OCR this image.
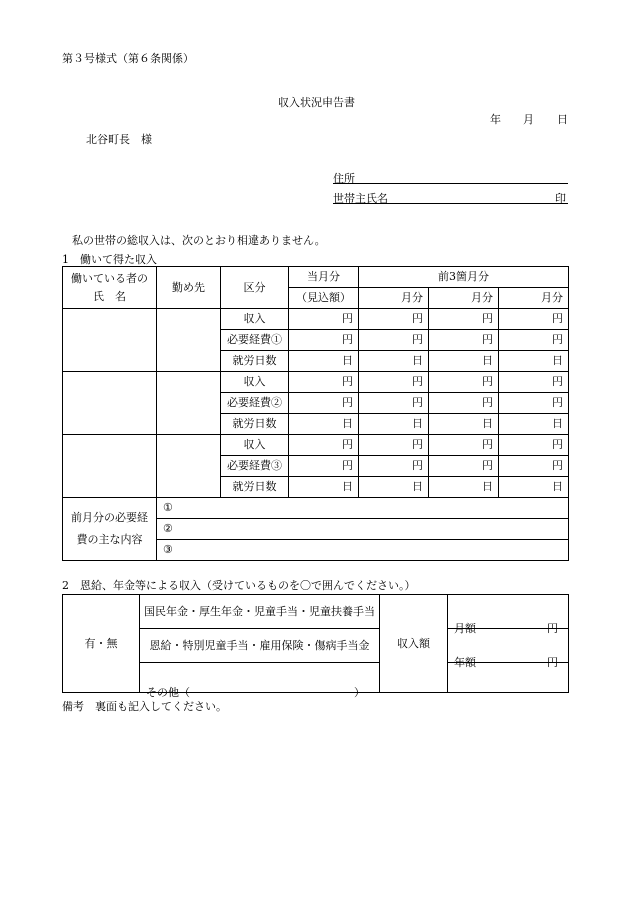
第３号様式（第６条関係）
収入状況申告書
年 月 日
北谷町長　様
住所
世帯主氏名	印
私の世帯の総収入は、次のとおり相違ありません。
1　働いて得た収入
働いている者の
氏　名	勤め先	区分	当月分	前3箇月分		
			（見込額）	月分	月分	月分
		収入	円	円	円	円
		必要経費①	円	円	円	円
		就労日数	日	日	日	日
		収入	円	円	円	円
		必要経費②	円	円	円	円
		就労日数	日	日	日	日
		収入	円	円	円	円
		必要経費③	円	円	円	円
		就労日数	日	日	日	日

前月分の必要経
費の主な内容	①					
	②					
	③					
2　恩給、年金等による収入（受けているものを〇で囲んでください。）
有・無	国民年金・厚生年金・児童手当・児童扶養手当	収入額	月額 円

	恩給・特別児童手当・雇用保険・傷病手当金		年額 円

	その他（ ）		

備考　裏面も記入してください。
